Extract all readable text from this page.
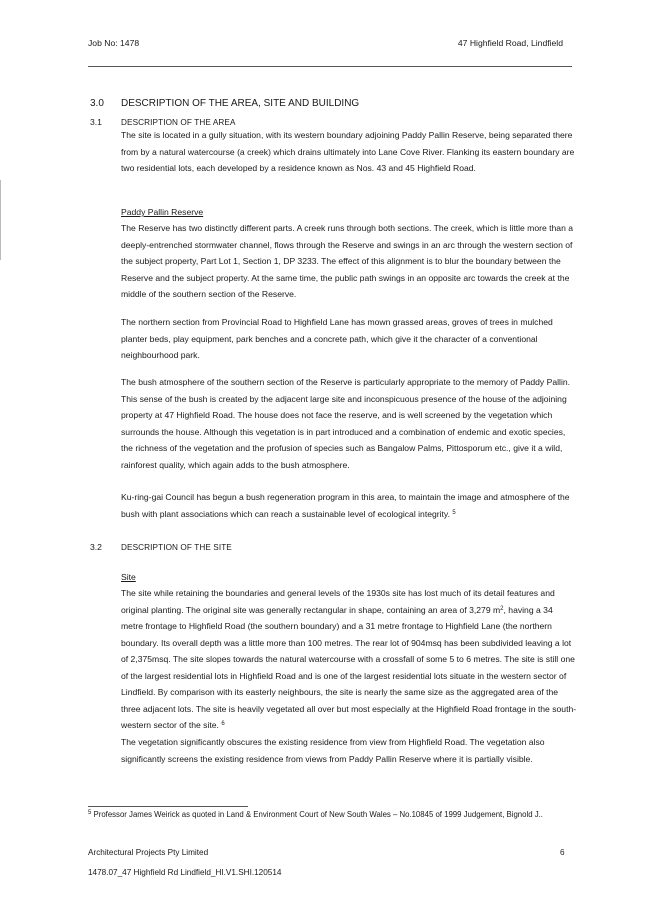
Job No: 1478	47 Highfield Road, Lindfield
3.0 DESCRIPTION OF THE AREA, SITE AND BUILDING
3.1 DESCRIPTION OF THE AREA

The site is located in a gully situation, with its western boundary adjoining Paddy Pallin Reserve, being separated there from by a natural watercourse (a creek) which drains ultimately into Lane Cove River. Flanking its eastern boundary are two residential lots, each developed by a residence known as Nos. 43 and 45 Highfield Road.

Paddy Pallin Reserve

The Reserve has two distinctly different parts. A creek runs through both sections. The creek, which is little more than a deeply-entrenched stormwater channel, flows through the Reserve and swings in an arc through the western section of the subject property, Part Lot 1, Section 1, DP 3233. The effect of this alignment is to blur the boundary between the Reserve and the subject property. At the same time, the public path swings in an opposite arc towards the creek at the middle of the southern section of the Reserve.

The northern section from Provincial Road to Highfield Lane has mown grassed areas, groves of trees in mulched planter beds, play equipment, park benches and a concrete path, which give it the character of a conventional neighbourhood park.

The bush atmosphere of the southern section of the Reserve is particularly appropriate to the memory of Paddy Pallin. This sense of the bush is created by the adjacent large site and inconspicuous presence of the house of the adjoining property at 47 Highfield Road. The house does not face the reserve, and is well screened by the vegetation which surrounds the house. Although this vegetation is in part introduced and a combination of endemic and exotic species, the richness of the vegetation and the profusion of species such as Bangalow Palms, Pittosporum etc., give it a wild, rainforest quality, which again adds to the bush atmosphere.

Ku-ring-gai Council has begun a bush regeneration program in this area, to maintain the image and atmosphere of the bush with plant associations which can reach a sustainable level of ecological integrity. $^5$

3.2 DESCRIPTION OF THE SITE
Site

The site while retaining the boundaries and general levels of the 1930s site has lost much of its detail features and original planting. The original site was generally rectangular in shape, containing an area of 3,279 $m^2$, having a 34 metre frontage to Highfield Road (the southern boundary) and a 31 metre frontage to Highfield Lane (the northern boundary. Its overall depth was a little more than 100 metres. The rear lot of 904msq has been subdivided leaving a lot of 2,375msq. The site slopes towards the natural watercourse with a crossfall of some 5 to 6 metres. The site is still one of the largest residential lots in Highfield Road and is one of the largest residential lots situate in the western sector of Lindfield. By comparison with its easterly neighbours, the site is nearly the same size as the aggregated area of the three adjacent lots. The site is heavily vegetated all over but most especially at the Highfield Road frontage in the south-western sector of the site. $^6$

The vegetation significantly obscures the existing residence from view from Highfield Road. The vegetation also significantly screens the existing residence from views from Paddy Pallin Reserve where it is partially visible.

$^5$ Professor James Weirick as quoted in Land & Environment Court of New South Wales – No.10845 of 1999 Judgement, Bignold J..
Architectural Projects Pty Limited	6
1478.07_47 Highfield Rd Lindfield_HI.V1.SHI.120514
